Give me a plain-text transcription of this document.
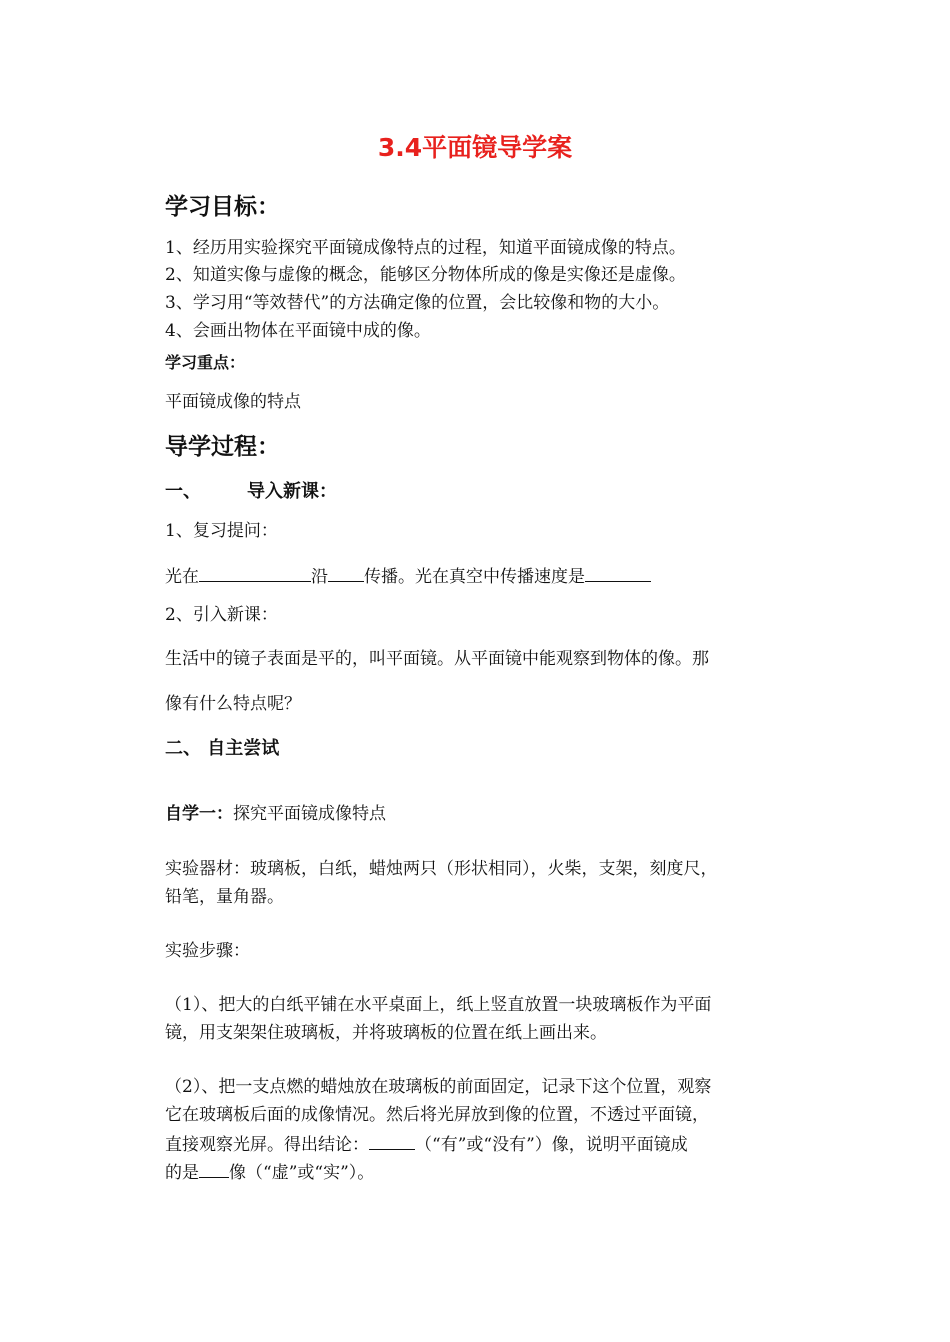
3.4平面镜导学案
学习目标：
1、经历用实验探究平面镜成像特点的过程，知道平面镜成像的特点。
2、知道实像与虚像的概念，能够区分物体所成的像是实像还是虚像。
3、学习用“等效替代”的方法确定像的位置，会比较像和物的大小。
4、会画出物体在平面镜中成的像。
学习重点：
平面镜成像的特点
导学过程：
一、	导入新课：
1、复习提问：
光在	沿 传播。光在真空中传播速度是
2、引入新课：
生活中的镜子表面是平的，叫平面镜。从平面镜中能观察到物体的像。那
像有什么特点呢？
二、 自主尝试
自学一：探究平面镜成像特点
实验器材：玻璃板，白纸，蜡烛两只（形状相同），火柴，支架，刻度尺，
铅笔，量角器。
实验步骤：
（1）、把大的白纸平铺在水平桌面上，纸上竖直放置一块玻璃板作为平面
镜，用支架架住玻璃板，并将玻璃板的位置在纸上画出来。
（2）、把一支点燃的蜡烛放在玻璃板的前面固定，记录下这个位置，观察
它在玻璃板后面的成像情况。然后将光屏放到像的位置，不透过平面镜，
直接观察光屏。得出结论：	（“有”或“没有”）像，说明平面镜成
的是 像（“虚”或“实”）。
